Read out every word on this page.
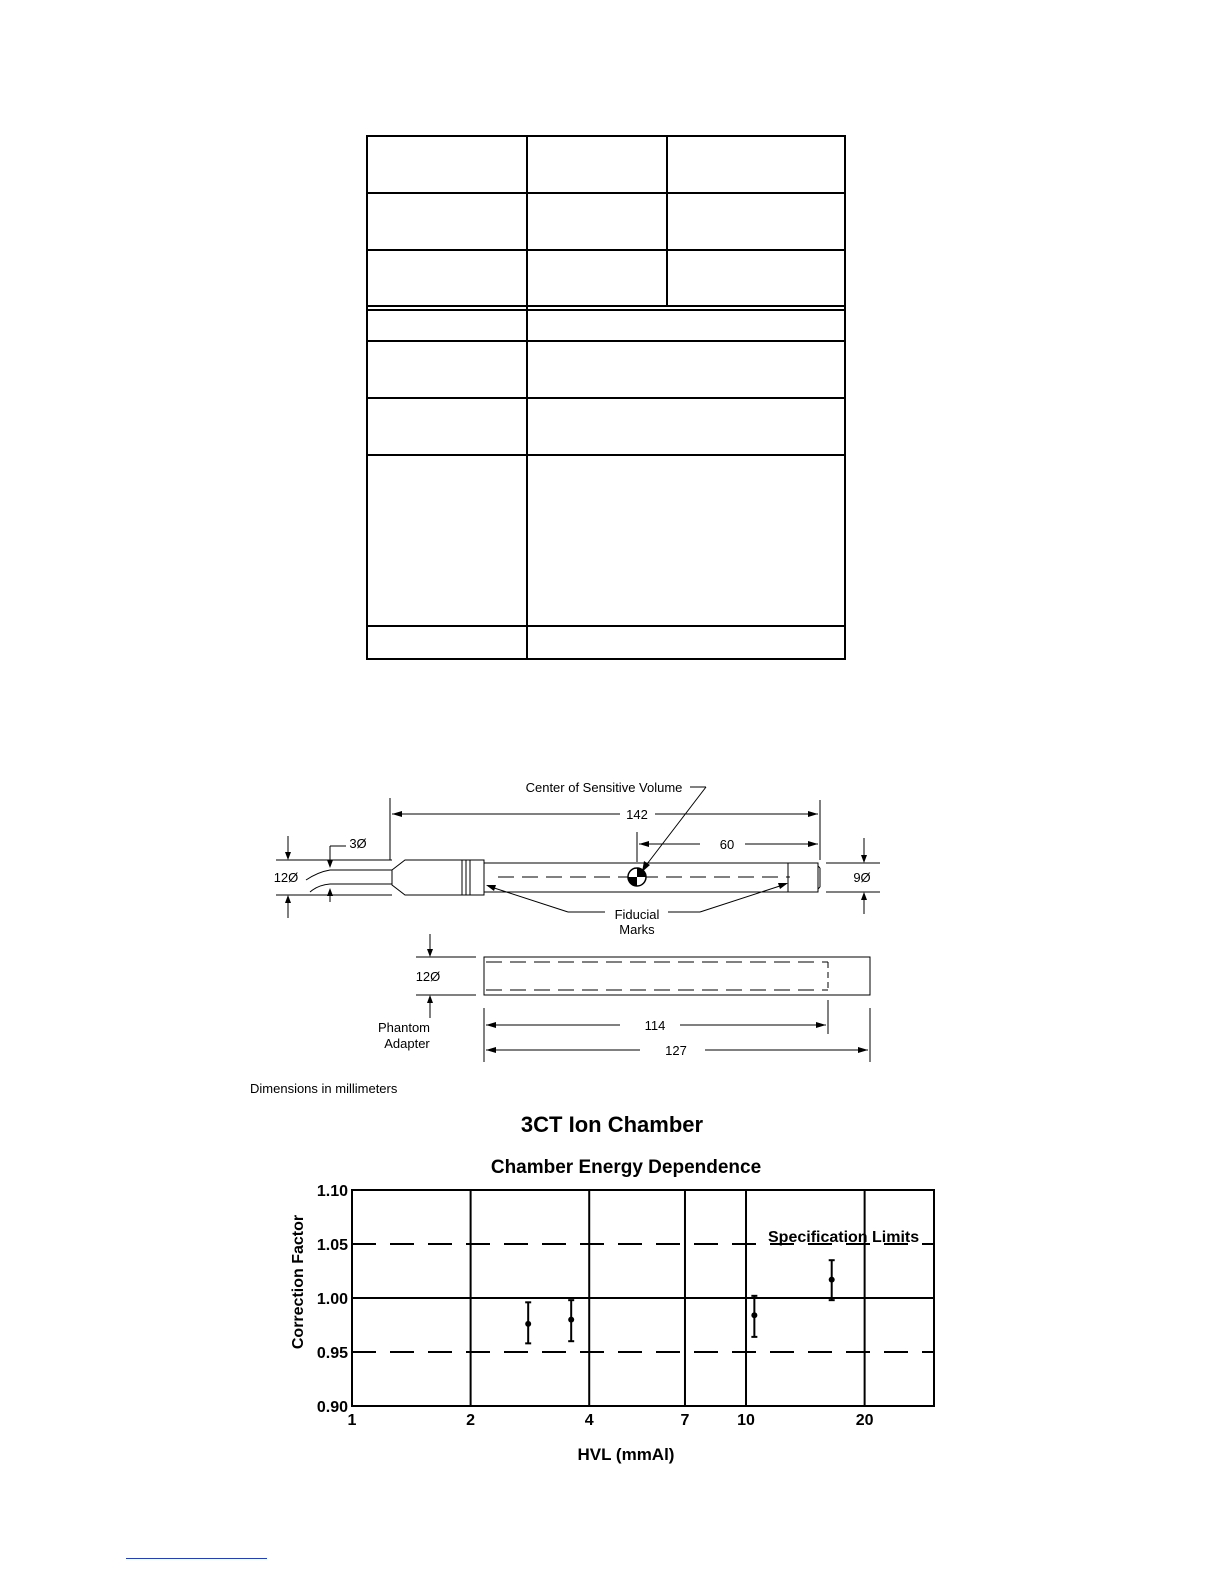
142
Center of Sensitive Volume
60
3Ø
12Ø	9Ø
Fiducial
Marks
12Ø
Phantom
Adapter
114
127
Dimensions in millimeters
3CT Ion Chamber
Chamber Energy Dependence
0.90
0.95
1.00
1.05
1.10
1	2	4	7	10	20
HVL (mmAl)
Correction Factor	Specification Limits
